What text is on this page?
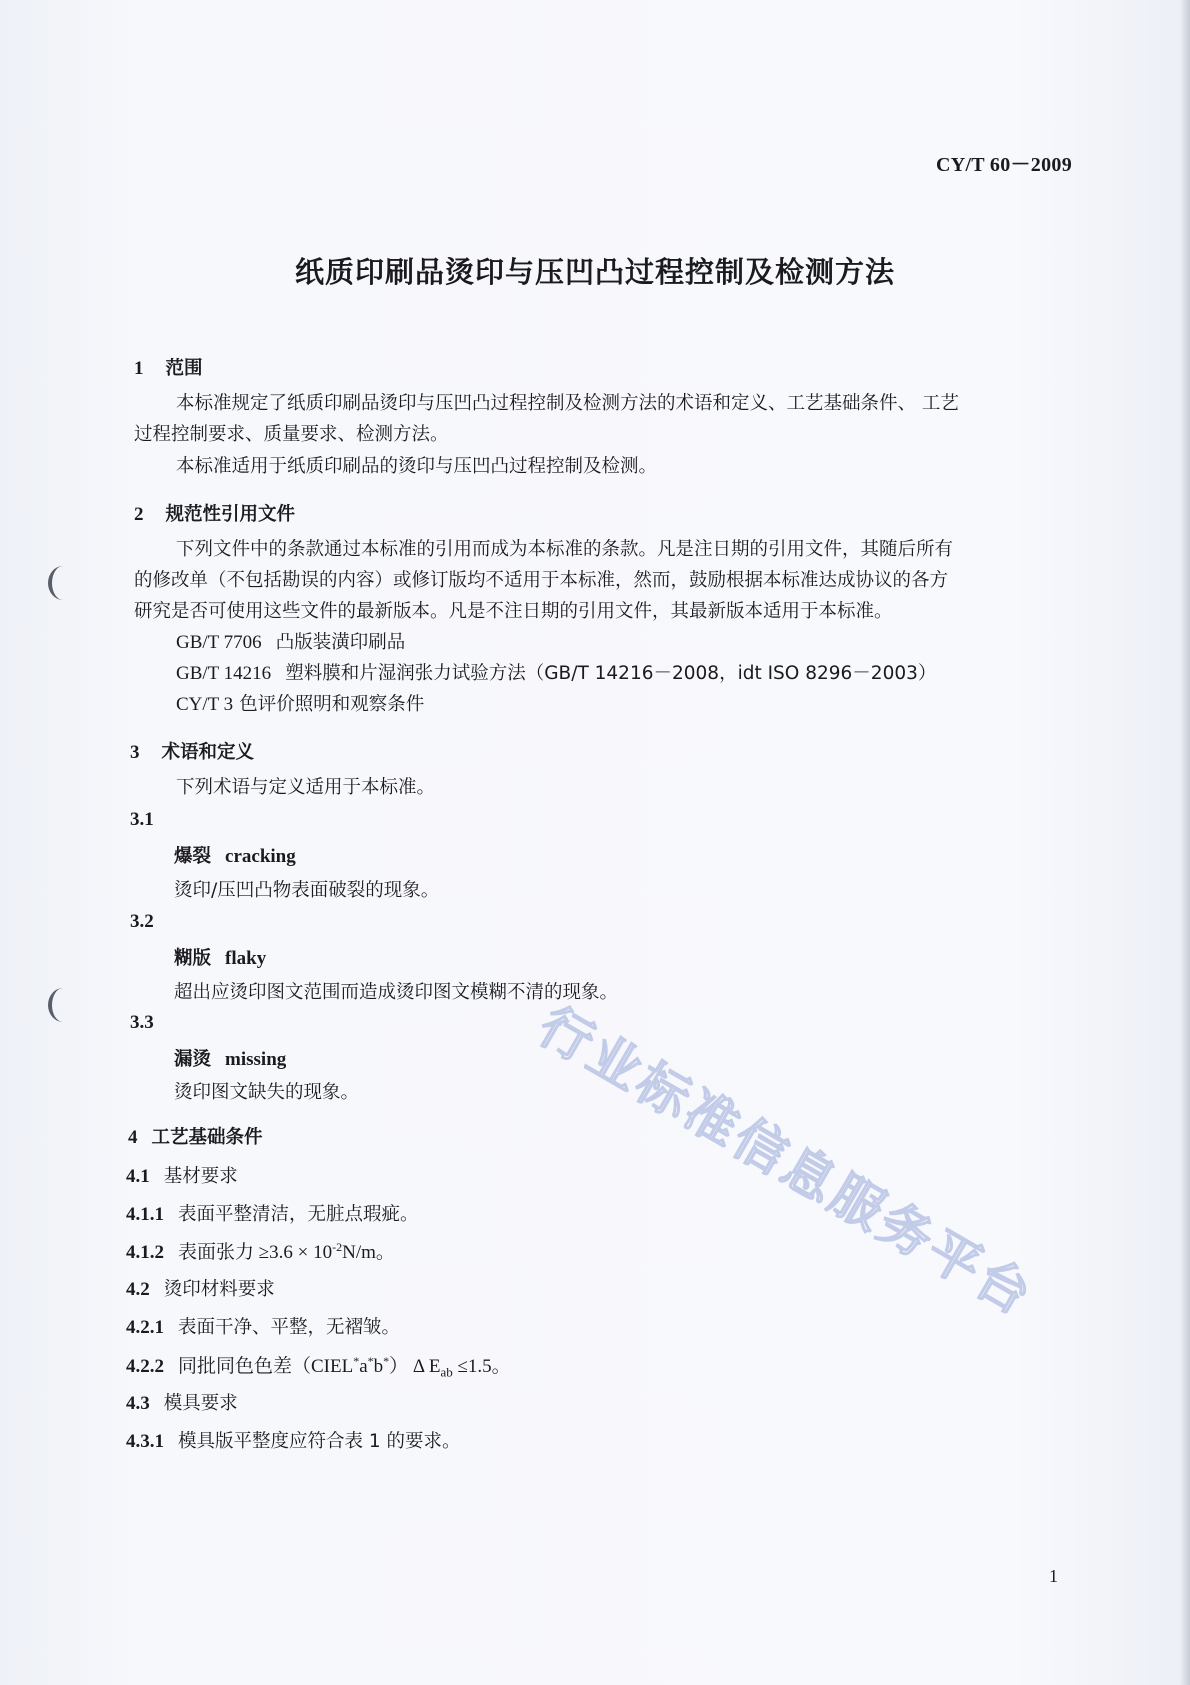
CY/T 60－2009
纸质印刷品烫印与压凹凸过程控制及检测方法
1 范围
本标准规定了纸质印刷品烫印与压凹凸过程控制及检测方法的术语和定义、工艺基础条件、 工艺
过程控制要求、质量要求、检测方法。
本标准适用于纸质印刷品的烫印与压凹凸过程控制及检测。
2 规范性引用文件
下列文件中的条款通过本标准的引用而成为本标准的条款。凡是注日期的引用文件，其随后所有
的修改单（不包括勘误的内容）或修订版均不适用于本标准，然而，鼓励根据本标准达成协议的各方
研究是否可使用这些文件的最新版本。凡是不注日期的引用文件，其最新版本适用于本标准。
GB/T 7706 凸版装潢印刷品
GB/T 14216 塑料膜和片湿润张力试验方法（GB/T 14216－2008，idt ISO 8296－2003）
CY/T 3 色评价照明和观察条件
3 术语和定义
下列术语与定义适用于本标准。
3.1
爆裂 cracking
烫印/压凹凸物表面破裂的现象。
3.2
糊版 flaky
超出应烫印图文范围而造成烫印图文模糊不清的现象。
3.3
漏烫 missing
烫印图文缺失的现象。
4 工艺基础条件
4.1 基材要求
4.1.1 表面平整清洁，无脏点瑕疵。
4.1.2 表面张力 $\ge 3.6 \times 10^{-2}N/m$。
4.2 烫印材料要求
4.2.1 表面干净、平整，无褶皱。
4.2.2 同批同色色差（CIEL*a*b*） Δ $E_{ab} \le 1.5$。
4.3 模具要求
4.3.1 模具版平整度应符合表 1 的要求。
行业标准信息服务平台
1
